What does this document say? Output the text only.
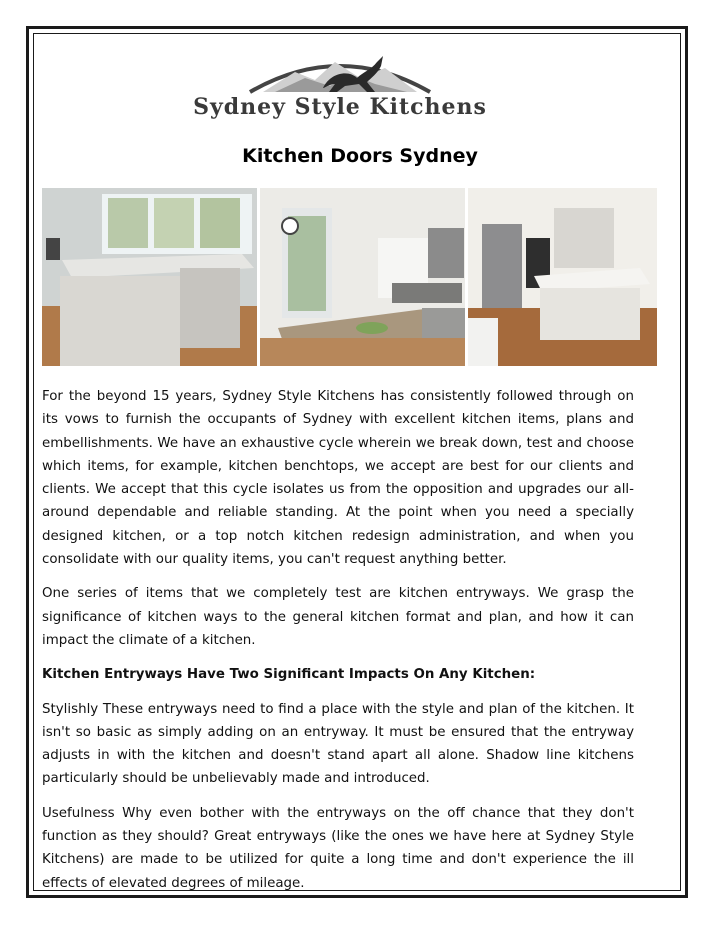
Sydney Style Kitchens
Kitchen Doors Sydney

For the beyond 15 years, Sydney Style Kitchens has consistently followed through on its vows to furnish the occupants of Sydney with excellent kitchen items, plans and embellishments. We have an exhaustive cycle wherein we break down, test and choose which items, for example, kitchen benchtops, we accept are best for our clients and clients. We accept that this cycle isolates us from the opposition and upgrades our all-around dependable and reliable standing. At the point when you need a specially designed kitchen, or a top notch kitchen redesign administration, and when you consolidate with our quality items, you can't request anything better.

One series of items that we completely test are kitchen entryways. We grasp the significance of kitchen ways to the general kitchen format and plan, and how it can impact the climate of a kitchen.

Kitchen Entryways Have Two Significant Impacts On Any Kitchen:

Stylishly These entryways need to find a place with the style and plan of the kitchen. It isn't so basic as simply adding on an entryway. It must be ensured that the entryway adjusts in with the kitchen and doesn't stand apart all alone. Shadow line kitchens particularly should be unbelievably made and introduced.

Usefulness Why even bother with the entryways on the off chance that they don't function as they should? Great entryways (like the ones we have here at Sydney Style Kitchens) are made to be utilized for quite a long time and don't experience the ill effects of elevated degrees of mileage.
